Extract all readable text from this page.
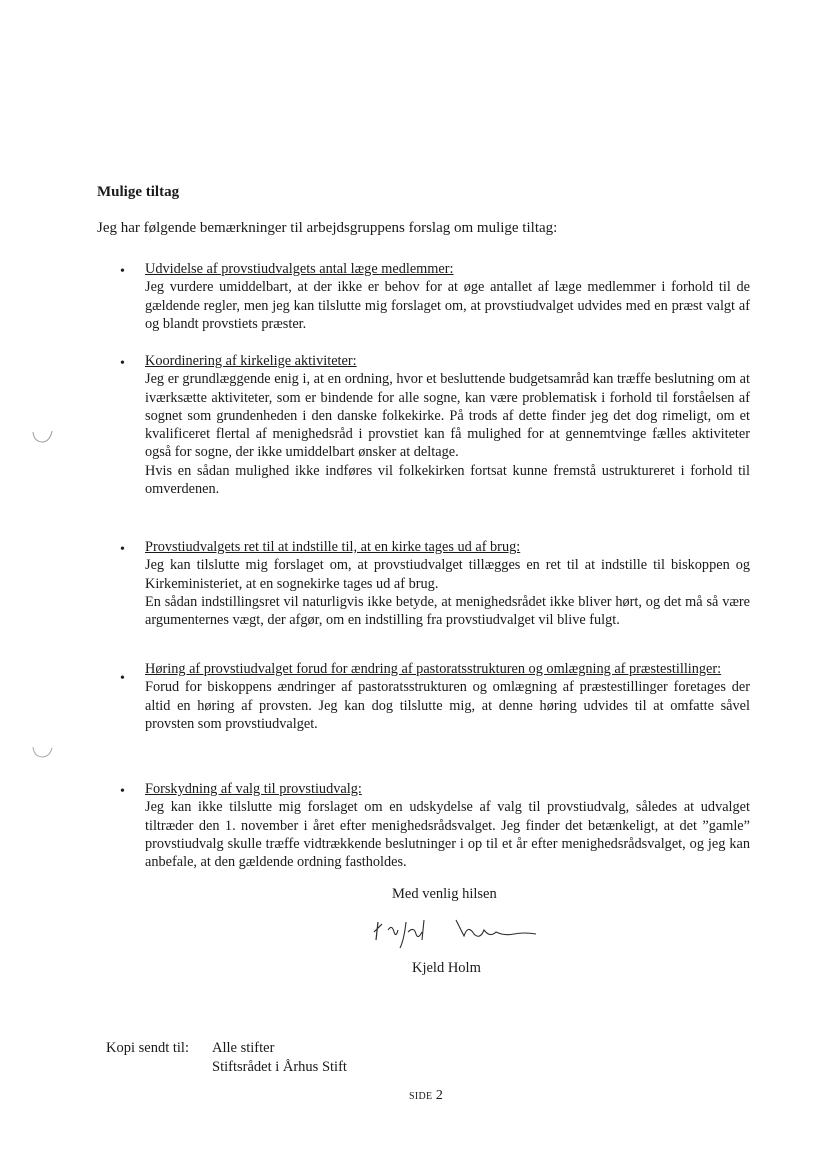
Mulige tiltag
Jeg har følgende bemærkninger til arbejdsgruppens forslag om mulige tiltag:
• Udvidelse af provstiudvalgets antal læge medlemmer:
Jeg vurdere umiddelbart, at der ikke er behov for at øge antallet af læge medlemmer i forhold til de gældende regler, men jeg kan tilslutte mig forslaget om, at provstiudvalget udvides med en præst valgt af og blandt provstiets præster.
• Koordinering af kirkelige aktiviteter:
Jeg er grundlæggende enig i, at en ordning, hvor et besluttende budgetsamråd kan træffe beslutning om at iværksætte aktiviteter, som er bindende for alle sogne, kan være problematisk i forhold til forståelsen af sognet som grundenheden i den danske folkekirke. På trods af dette finder jeg det dog rimeligt, om et kvalificeret flertal af menighedsråd i provstiet kan få mulighed for at gennemtvinge fælles aktiviteter også for sogne, der ikke umiddelbart ønsker at deltage.
Hvis en sådan mulighed ikke indføres vil folkekirken fortsat kunne fremstå ustruktureret i forhold til omverdenen.
• Provstiudvalgets ret til at indstille til, at en kirke tages ud af brug:
Jeg kan tilslutte mig forslaget om, at provstiudvalget tillægges en ret til at indstille til biskoppen og Kirkeministeriet, at en sognekirke tages ud af brug.
En sådan indstillingsret vil naturligvis ikke betyde, at menighedsrådet ikke bliver hørt, og det må så være argumenternes vægt, der afgør, om en indstilling fra provstiudvalget vil blive fulgt.
•
Høring af provstiudvalget forud for ændring af pastoratsstrukturen og omlægning af præstestillinger:
Forud for biskoppens ændringer af pastoratsstrukturen og omlægning af præstestillinger foretages der altid en høring af provsten. Jeg kan dog tilslutte mig, at denne høring udvides til at omfatte såvel provsten som provstiudvalget.
• Forskydning af valg til provstiudvalg:
Jeg kan ikke tilslutte mig forslaget om en udskydelse af valg til provstiudvalg, således at udvalget tiltræder den 1. november i året efter menighedsrådsvalget. Jeg finder det betænkeligt, at det ”gamle” provstiudvalg skulle træffe vidtrækkende beslutninger i op til et år efter menighedsrådsvalget, og jeg kan anbefale, at den gældende ordning fastholdes.
Med venlig hilsen
Kjeld Holm
Kopi sendt til: Alle stifter
Stiftsrådet i Århus Stift
SIDE 2
